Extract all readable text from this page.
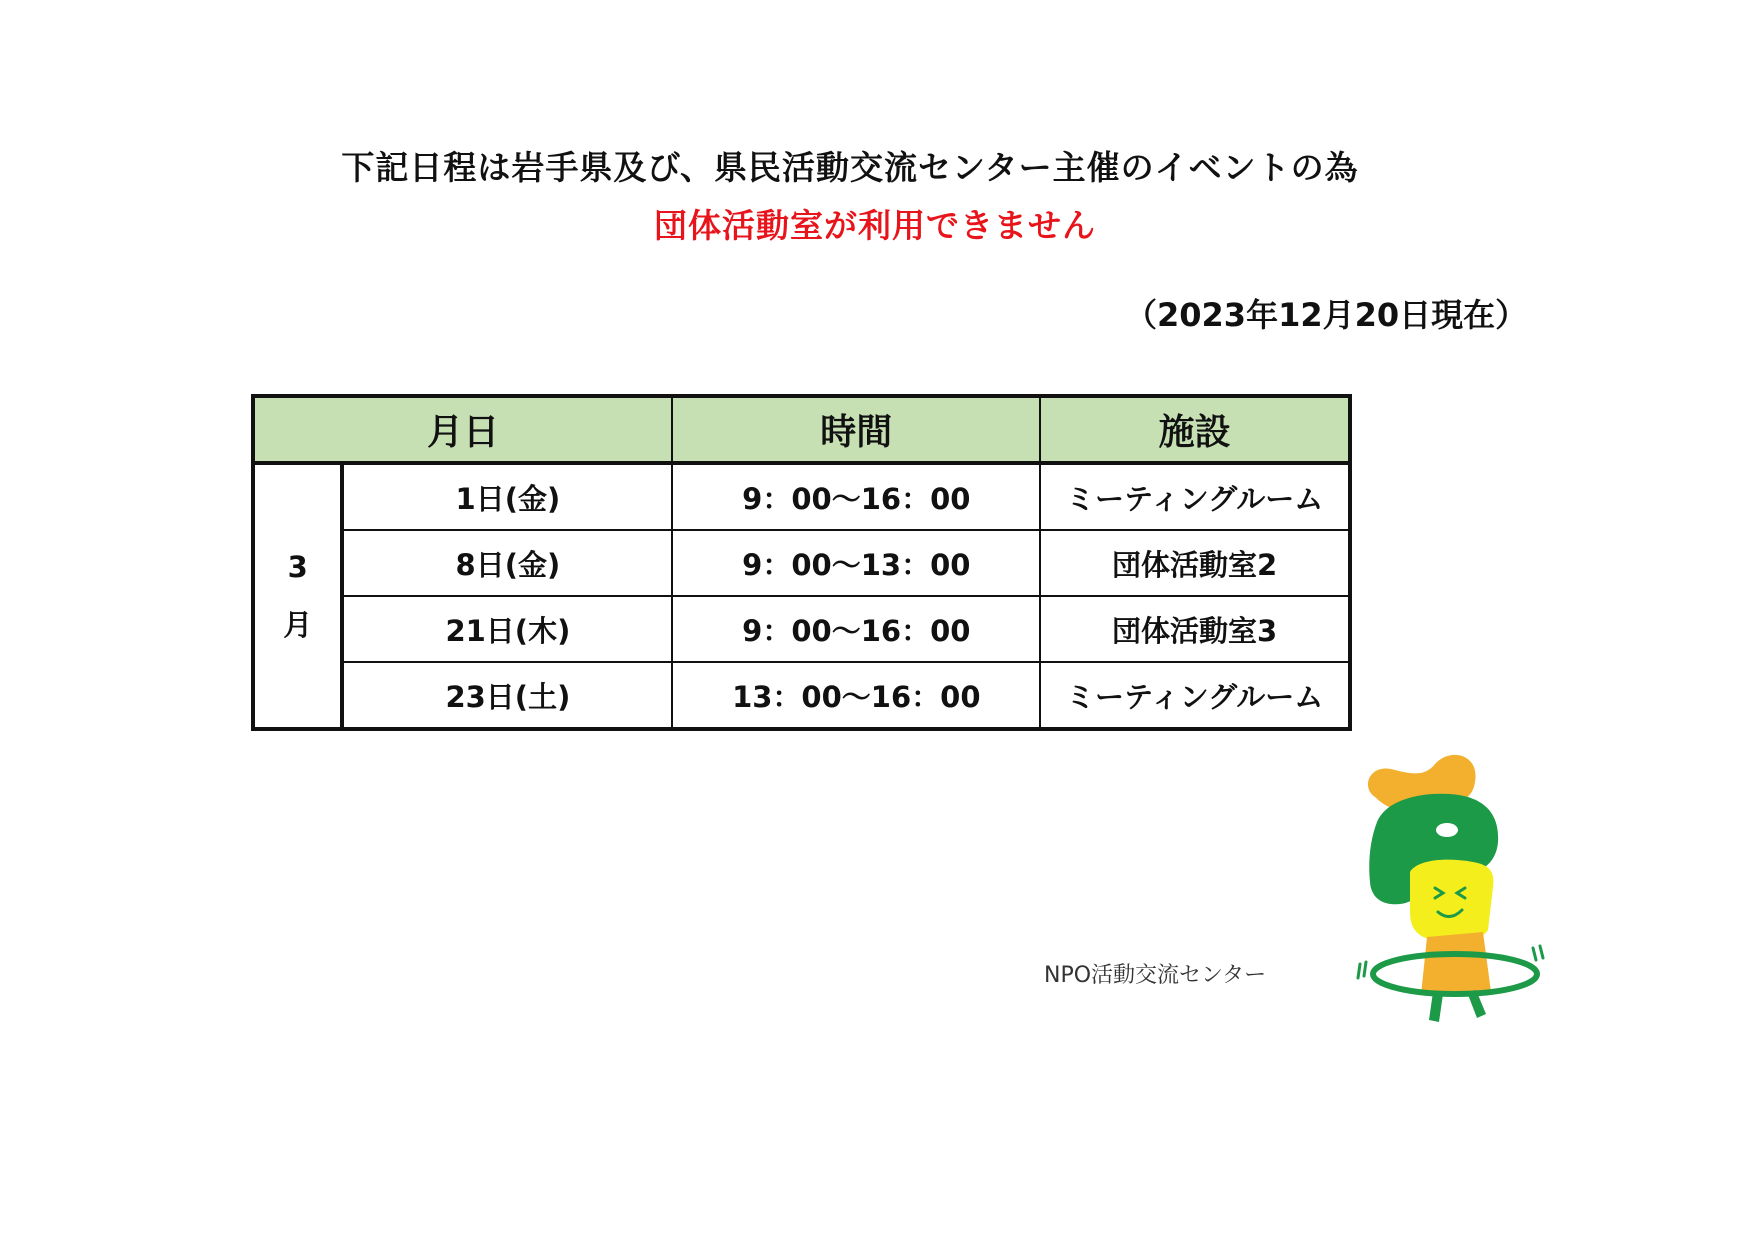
下記日程は岩手県及び、県民活動交流センター主催のイベントの為
団体活動室が利用できません
（2023年12月20日現在）
月日		時間	施設

3
月	1日(金)	9：00～16：00	ミーティングルーム
	8日(金)	9：00～13：00	団体活動室2
	21日(木)	9：00～16：00	団体活動室3
	23日(土)	13：00～16：00	ミーティングルーム
NPO活動交流センター
